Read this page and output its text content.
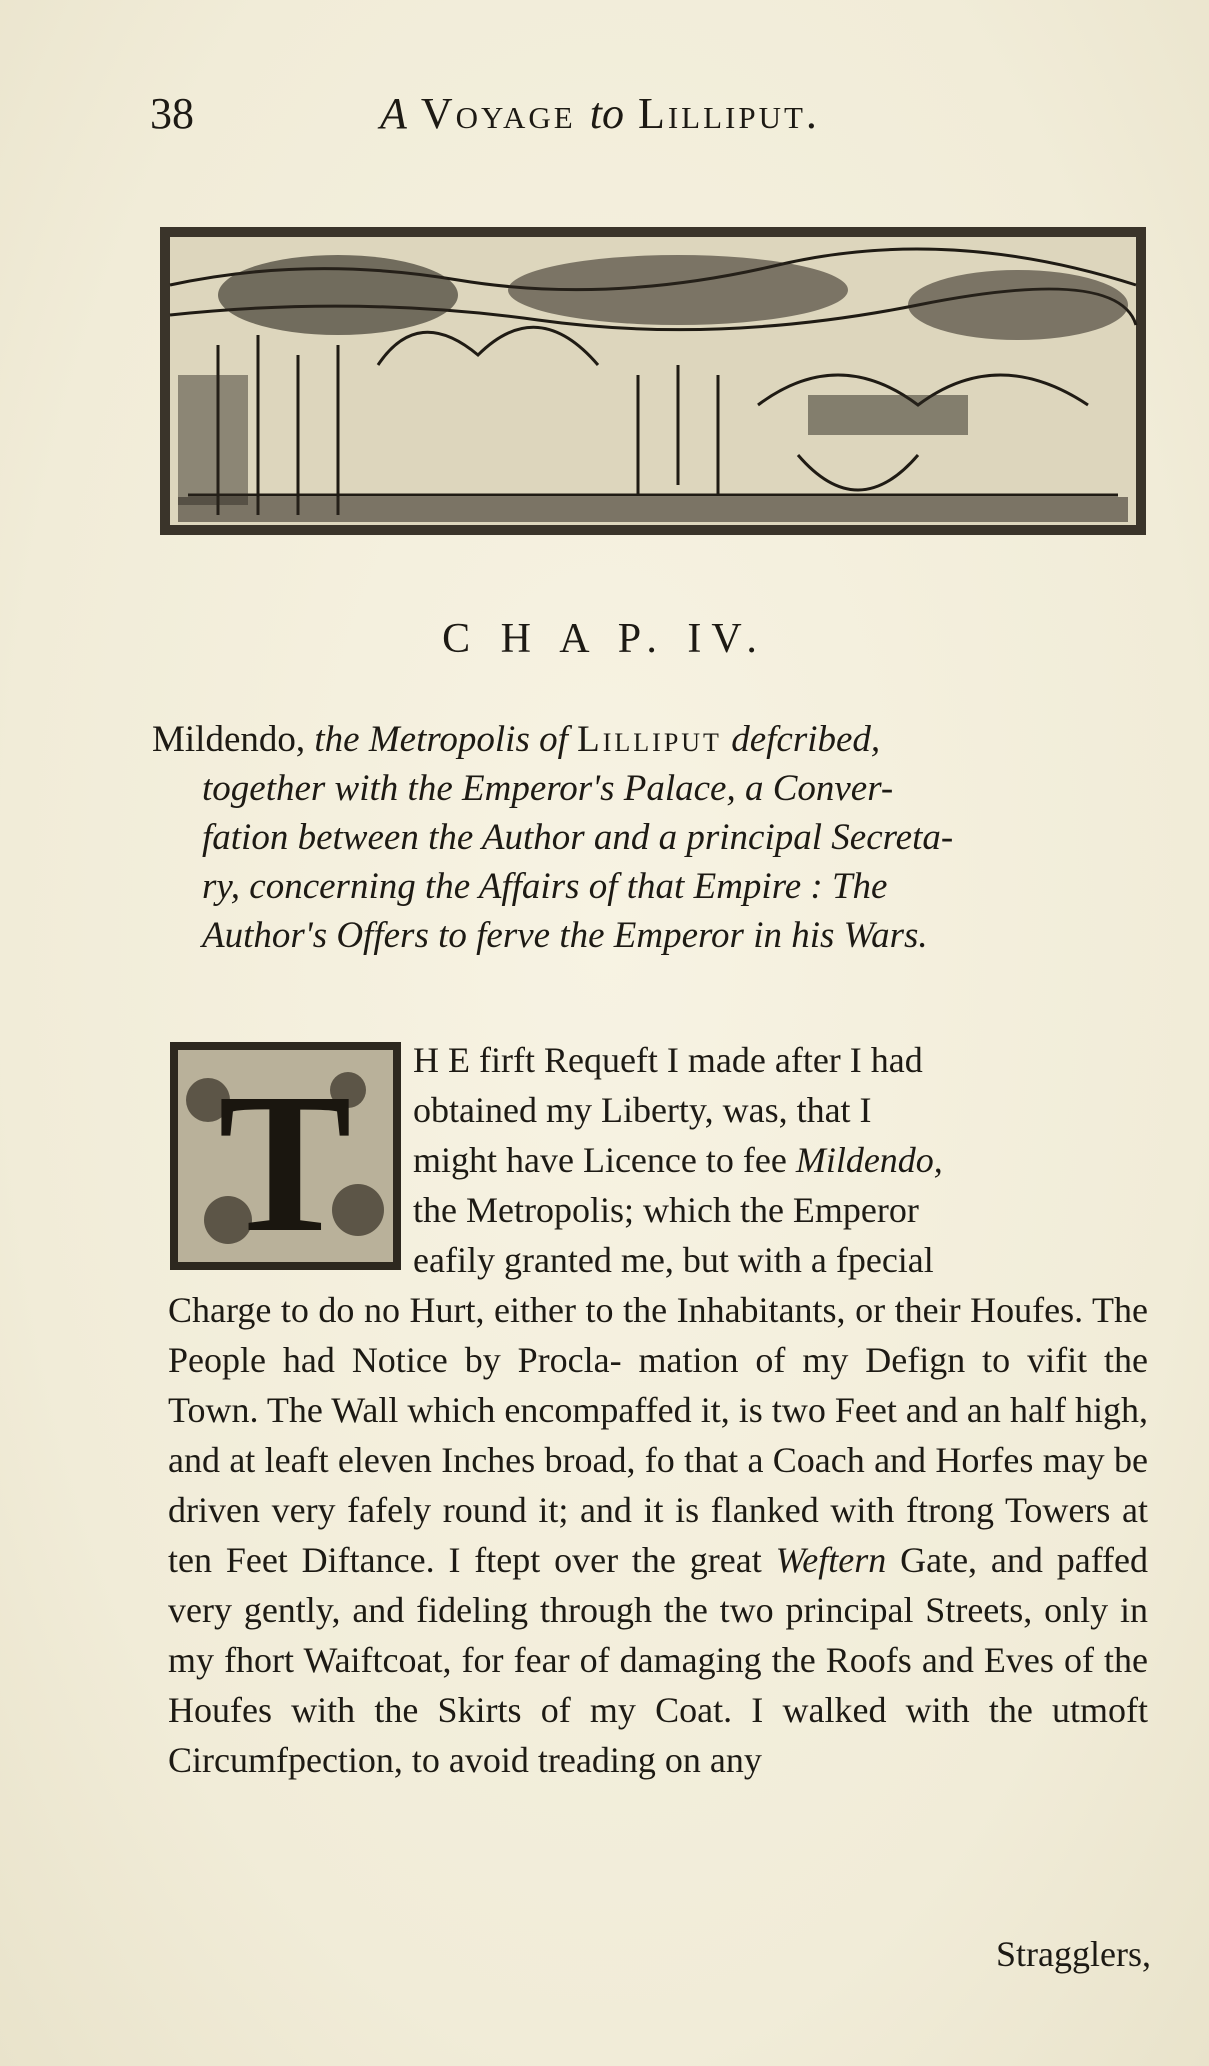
38	A Voyage to Lilliput.
C H A P. IV.

Mildendo, the Metropolis of Lilliput defcribed,

together with the Emperor's Palace, a Conver-
fation between the Author and a principal Secreta-
ry, concerning the Affairs of that Empire : The
Author's Offers to ferve the Emperor in his Wars.
T H E firft Requeft I made after I had

obtained my Liberty, was, that I

might have Licence to fee Mildendo,

the Metropolis; which the Emperor

eafily granted me, but with a fpecial

Charge to do no Hurt, either to the Inhabitants, or their Houfes. The People had Notice by Procla- mation of my Defign to vifit the Town. The Wall which encompaffed it, is two Feet and an half high, and at leaft eleven Inches broad, fo that a Coach and Horfes may be driven very fafely round it; and it is flanked with ftrong Towers at ten Feet Diftance. I ftept over the great Weftern Gate, and paffed very gently, and fideling through the two principal Streets, only in my fhort Waiftcoat, for fear of damaging the Roofs and Eves of the Houfes with the Skirts of my Coat. I walked with the utmoft Circumfpection, to avoid treading on any

Stragglers,
